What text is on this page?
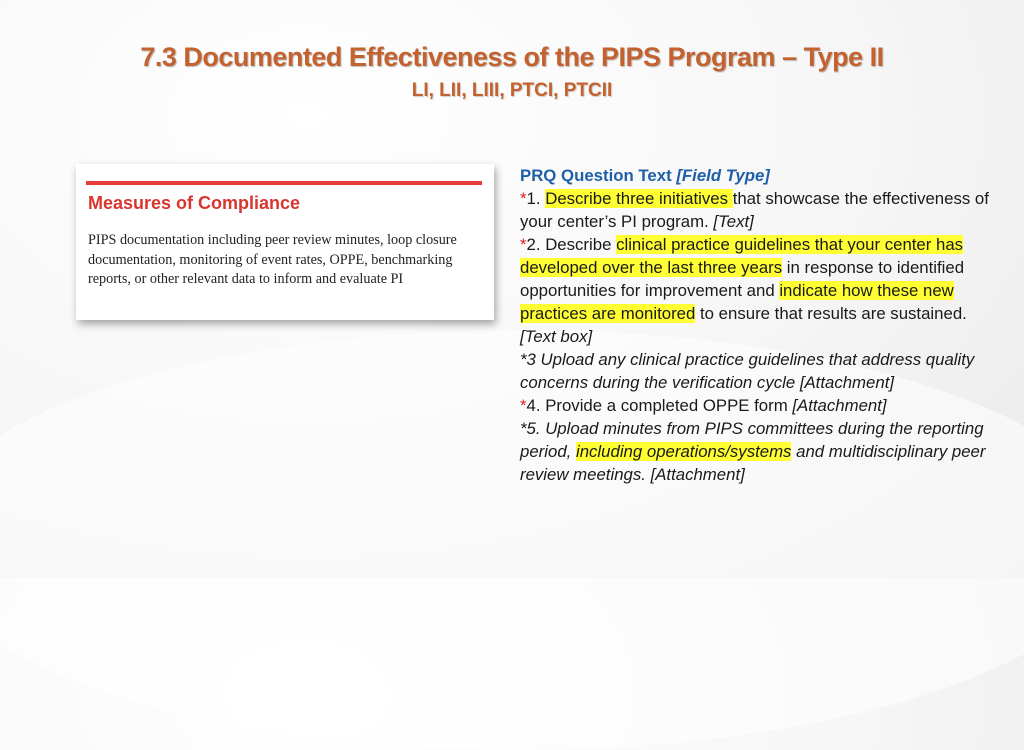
7.3 Documented Effectiveness of the PIPS Program – Type II
LI, LII, LIII, PTCI, PTCII
Measures of Compliance
PIPS documentation including peer review minutes, loop closure documentation, monitoring of event rates, OPPE, benchmarking reports, or other relevant data to inform and evaluate PI
PRQ Question Text [Field Type]
*1. Describe three initiatives that showcase the effectiveness of your center’s PI program. [Text]
*2. Describe clinical practice guidelines that your center has developed over the last three years in response to identified opportunities for improvement and indicate how these new practices are monitored to ensure that results are sustained. [Text box]
*3 Upload any clinical practice guidelines that address quality concerns during the verification cycle [Attachment]
*4. Provide a completed OPPE form [Attachment]
*5. Upload minutes from PIPS committees during the reporting period, including operations/systems and multidisciplinary peer review meetings. [Attachment]
